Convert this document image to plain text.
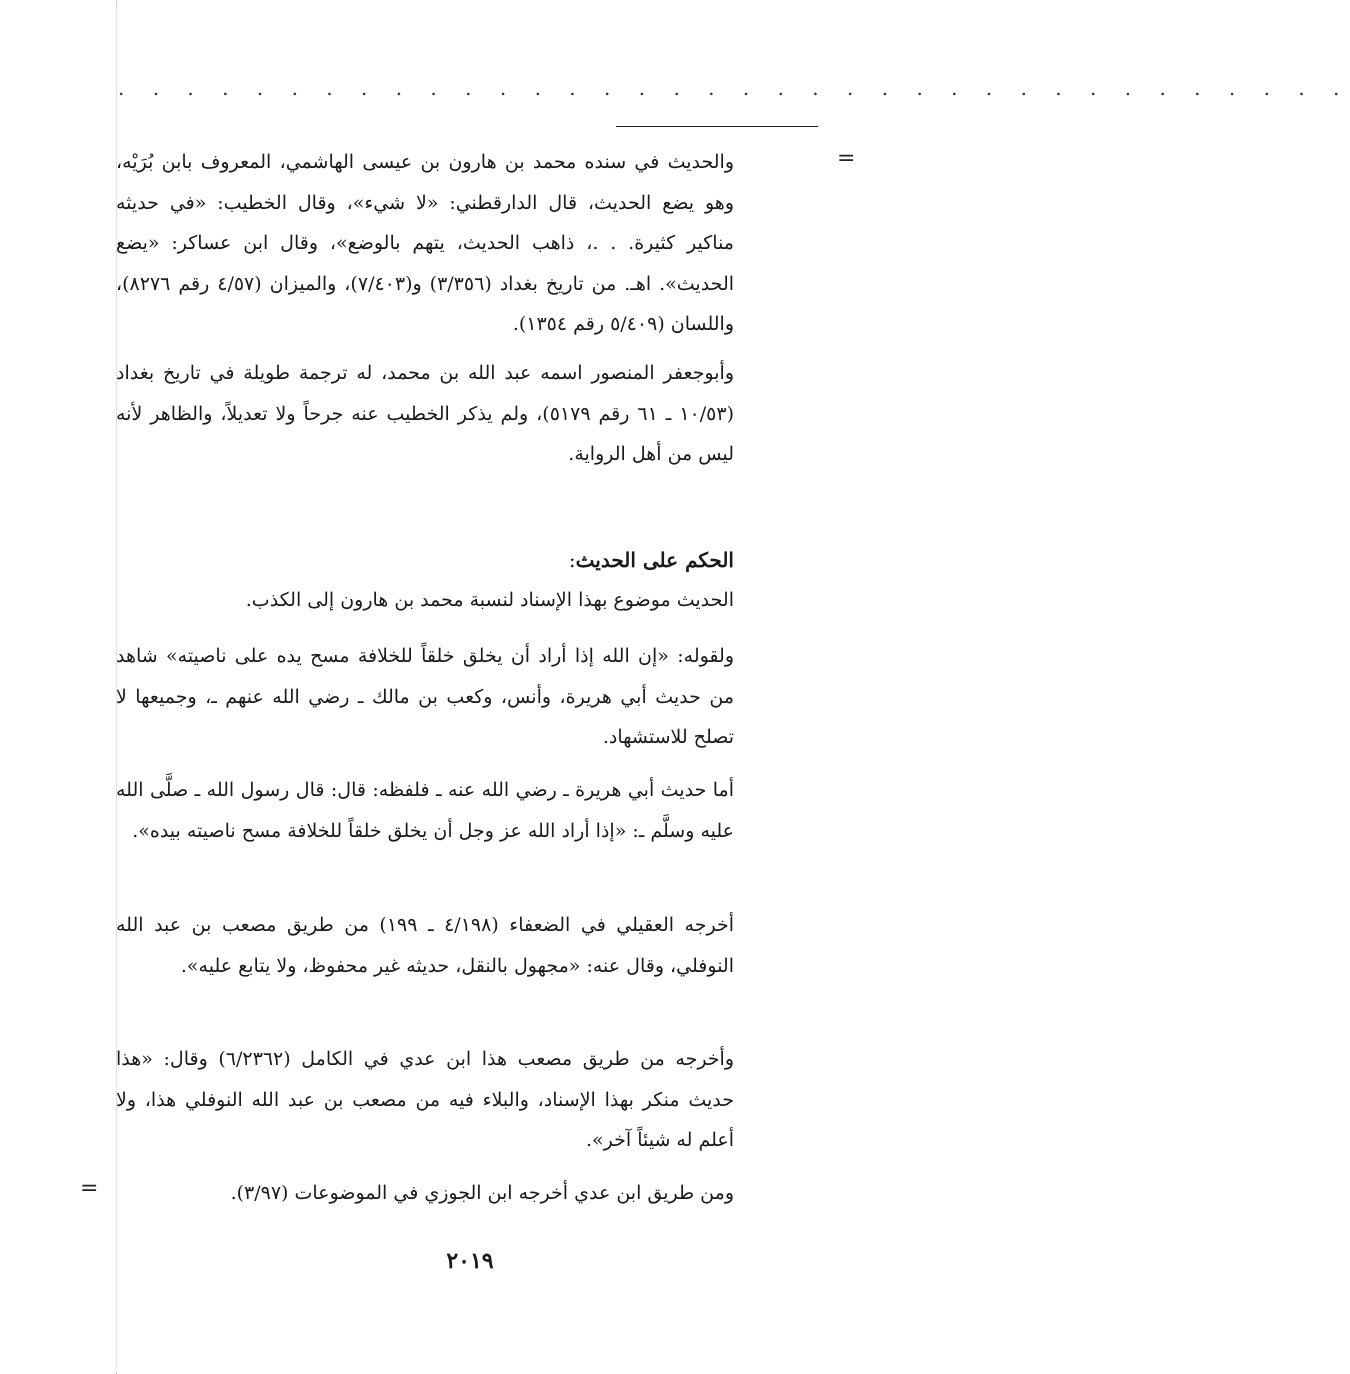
. . . . . . . . . . . . . . . . . . . . . . . . . . . . . . . . . . . .
=
=

والحديث في سنده محمد بن هارون بن عيسى الهاشمي، المعروف بابن بُرَيْه، وهو يضع الحديث، قال الدارقطني: «لا شيء»، وقال الخطيب: «في حديثه مناكير كثيرة. . .، ذاهب الحديث، يتهم بالوضع»، وقال ابن عساكر: «يضع الحديث». اهـ. من تاريخ بغداد (٣/٣٥٦) و(٧/٤٠٣)، والميزان (٤/٥٧ رقم ٨٢٧٦)، واللسان (٥/٤٠٩ رقم ١٣٥٤).

وأبوجعفر المنصور اسمه عبد الله بن محمد، له ترجمة طويلة في تاريخ بغداد (١٠/٥٣ ـ ٦١ رقم ٥١٧٩)، ولم يذكر الخطيب عنه جرحاً ولا تعديلاً، والظاهر لأنه ليس من أهل الرواية.

الحكم على الحديث:

الحديث موضوع بهذا الإسناد لنسبة محمد بن هارون إلى الكذب.

ولقوله: «إن الله إذا أراد أن يخلق خلقاً للخلافة مسح يده على ناصيته» شاهد من حديث أبي هريرة، وأنس، وكعب بن مالك ـ رضي الله عنهم ـ، وجميعها لا تصلح للاستشهاد.

أما حديث أبي هريرة ـ رضي الله عنه ـ فلفظه: قال: قال رسول الله ـ صلَّى الله عليه وسلَّم ـ: «إذا أراد الله عز وجل أن يخلق خلقاً للخلافة مسح ناصيته بيده».

أخرجه العقيلي في الضعفاء (٤/١٩٨ ـ ١٩٩) من طريق مصعب بن عبد الله النوفلي، وقال عنه: «مجهول بالنقل، حديثه غير محفوظ، ولا يتابع عليه».

وأخرجه من طريق مصعب هذا ابن عدي في الكامل (٦/٢٣٦٢) وقال: «هذا حديث منكر بهذا الإسناد، والبلاء فيه من مصعب بن عبد الله النوفلي هذا، ولا أعلم له شيئاً آخر».

ومن طريق ابن عدي أخرجه ابن الجوزي في الموضوعات (٣/٩٧).

٢٠١٩
